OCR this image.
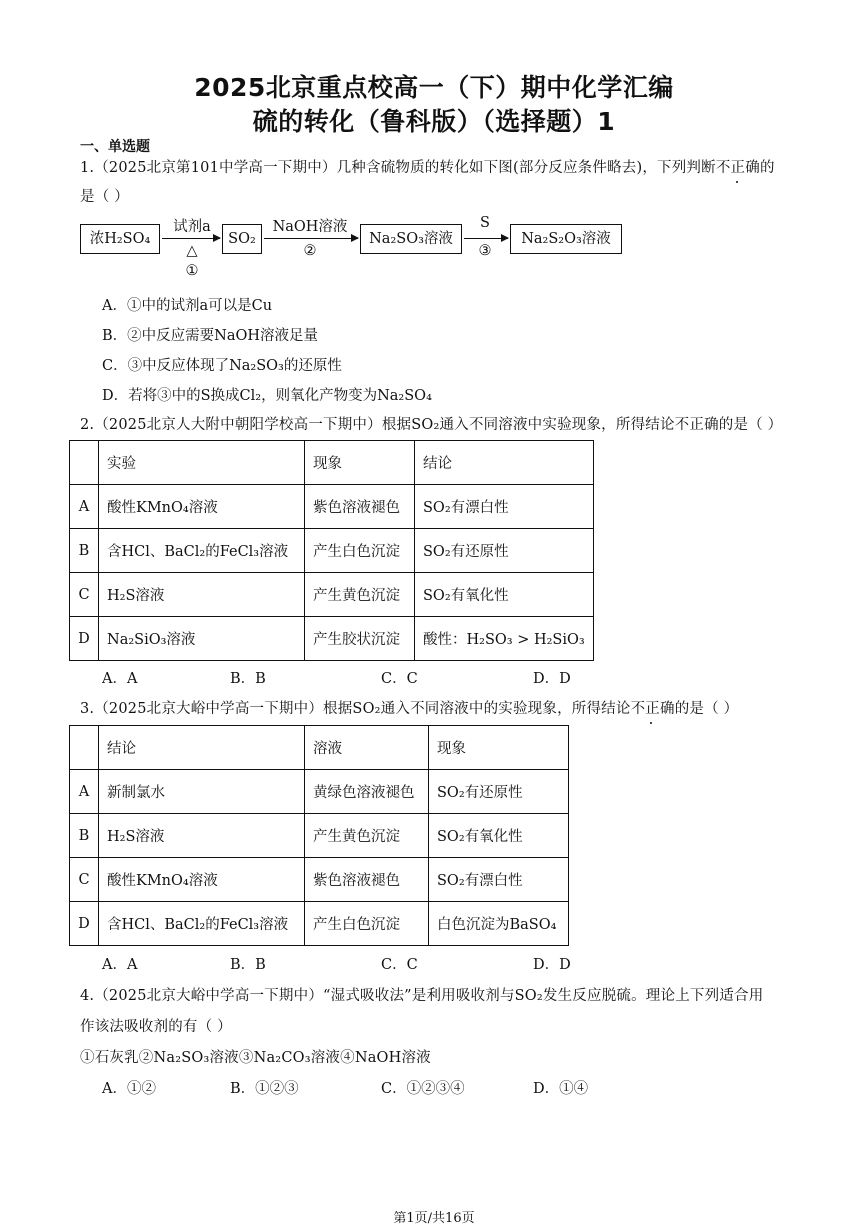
2025北京重点校高一（下）期中化学汇编
硫的转化（鲁科版）（选择题）1
一、单选题
1.（2025北京第101中学高一下期中）几种含硫物质的转化如下图(部分反应条件略去)，下列判断不正确的
是（ ）
浓H₂SO₄
试剂a
△
①
SO₂
NaOH溶液
②
Na₂SO₃溶液
S
③
Na₂S₂O₃溶液
A．①中的试剂a可以是Cu
B．②中反应需要NaOH溶液足量
C．③中反应体现了Na₂SO₃的还原性
D．若将③中的S换成Cl₂，则氧化产物变为Na₂SO₄
2.（2025北京人大附中朝阳学校高一下期中）根据SO₂通入不同溶液中实验现象，所得结论不正确的是（ ）
	实验	现象	结论
A	酸性KMnO₄溶液	紫色溶液褪色	SO₂有漂白性
B	含HCl、BaCl₂的FeCl₃溶液	产生白色沉淀	SO₂有还原性
C	H₂S溶液	产生黄色沉淀	SO₂有氧化性
D	Na₂SiO₃溶液	产生胶状沉淀	酸性：H₂SO₃ > H₂SiO₃
A．A	B．B	C．C	D．D
3.（2025北京大峪中学高一下期中）根据SO₂通入不同溶液中的实验现象，所得结论不正确的是（ ）
	结论	溶液	现象
A	新制氯水	黄绿色溶液褪色	SO₂有还原性
B	H₂S溶液	产生黄色沉淀	SO₂有氧化性
C	酸性KMnO₄溶液	紫色溶液褪色	SO₂有漂白性
D	含HCl、BaCl₂的FeCl₃溶液	产生白色沉淀	白色沉淀为BaSO₄
A．A	B．B	C．C	D．D
4.（2025北京大峪中学高一下期中）“湿式吸收法”是利用吸收剂与SO₂发生反应脱硫。理论上下列适合用
作该法吸收剂的有（ ）
①石灰乳②Na₂SO₃溶液③Na₂CO₃溶液④NaOH溶液
A．①②	B．①②③	C．①②③④	D．①④
第1页/共16页
